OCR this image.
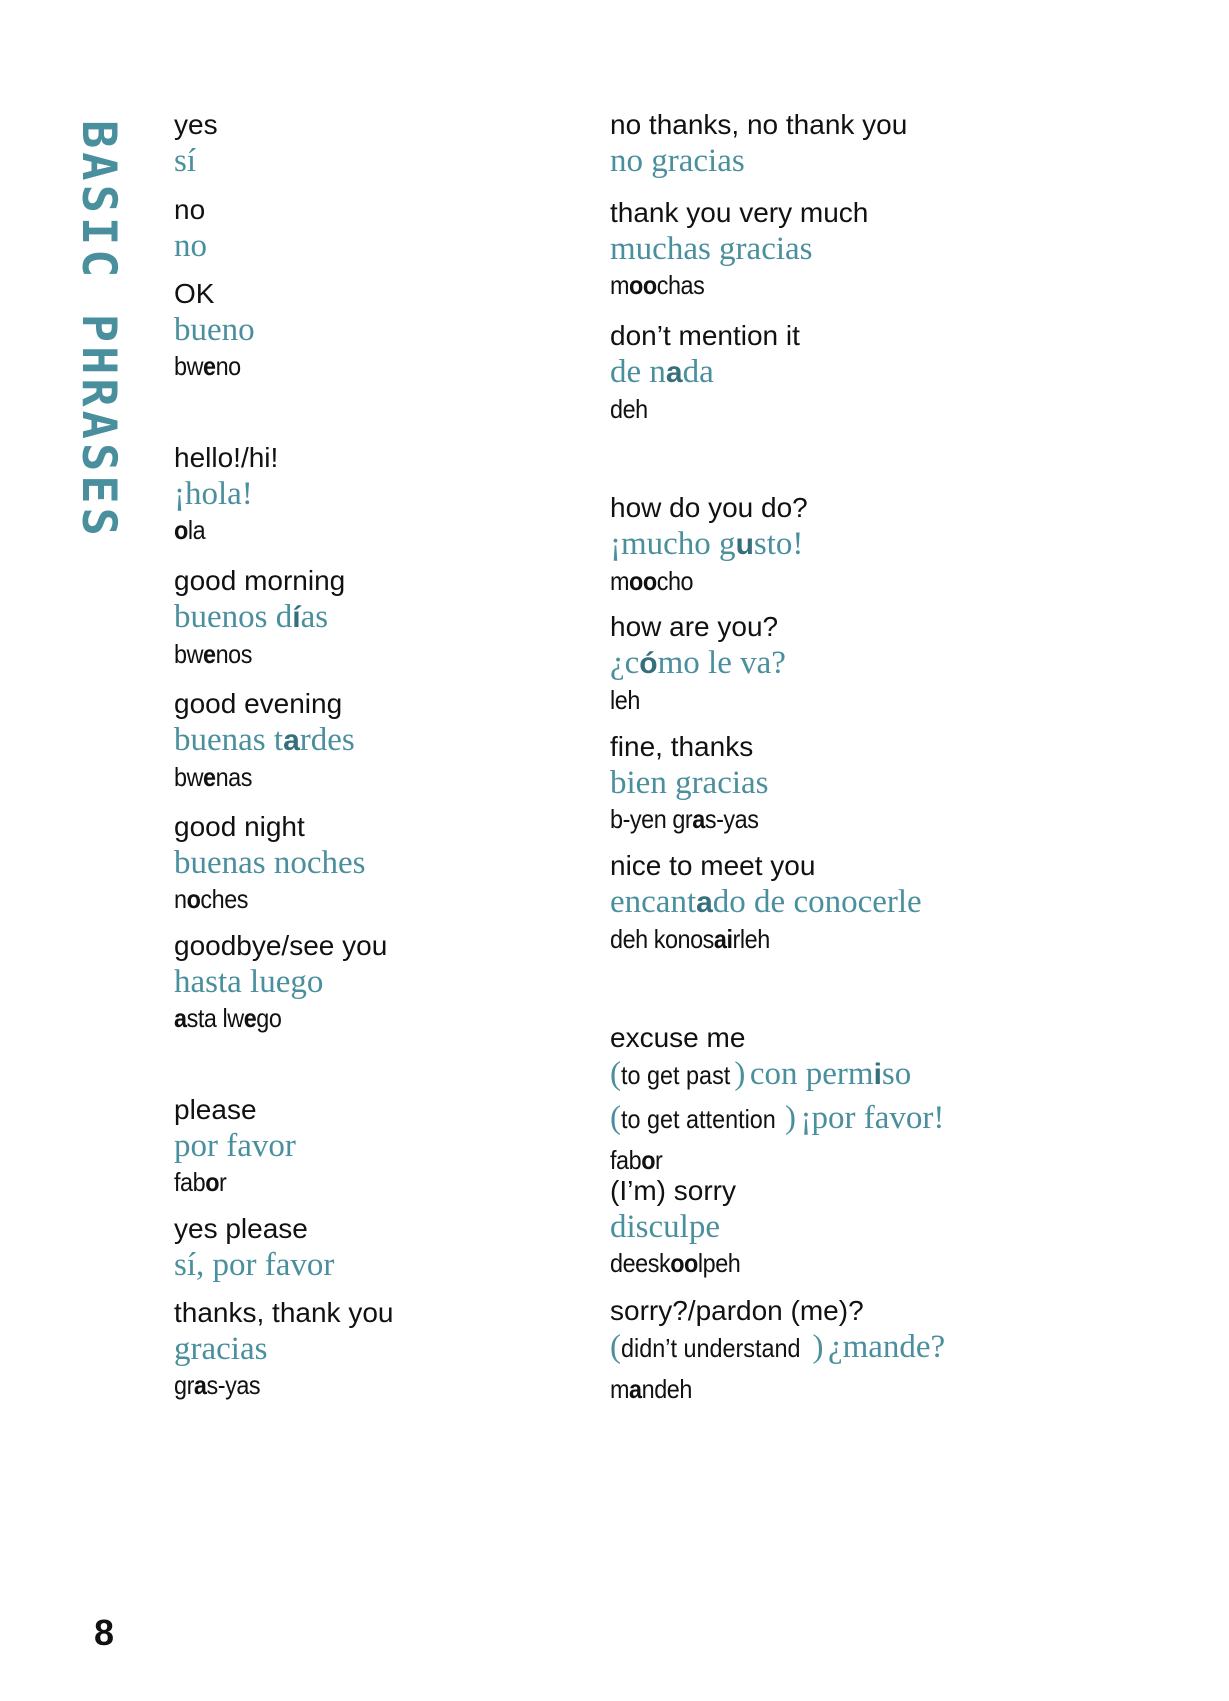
BASIC PHRASES	yes
sí
no
no
OK
bueno
bweno
hello!/hi!
¡hola!
ola
good morning
buenos días
bwenos
good evening
buenas tardes
bwenas
good night
buenas noches
noches
goodbye/see you
hasta luego
asta lwego
please
por favor
fabor
yes please
sí, por favor
thanks, thank you
gracias
gras-yas
no thanks, no thank you
no gracias
thank you very much
muchas gracias
moochas
don’t mention it
de nada
deh
how do you do?
¡mucho gusto!
moocho
how are you?
¿cómo le va?
leh
fine, thanks
bien gracias
b-yen gras-yas
nice to meet you
encantado de conocerle
deh konosairleh
excuse me
(to get past ) con permiso
(to get attention ) ¡por favor!
fabor
(I’m) sorry
disculpe
deeskoolpeh
sorry?/pardon (me)?
(didn’t understand ) ¿mande?
mandeh
8
